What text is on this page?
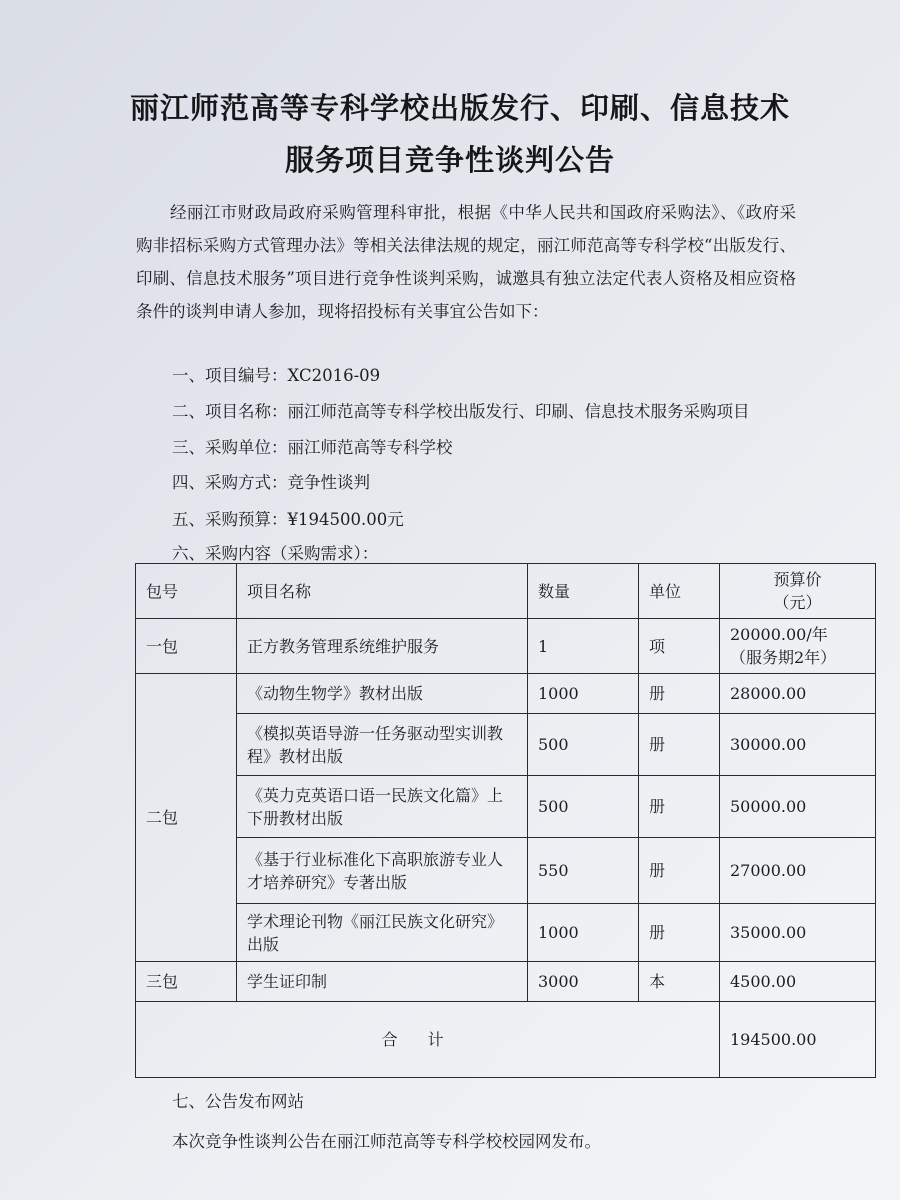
丽江师范高等专科学校出版发行、印刷、信息技术
服务项目竞争性谈判公告
经丽江市财政局政府采购管理科审批，根据《中华人民共和国政府采购法》、《政府采购非招标采购方式管理办法》等相关法律法规的规定，丽江师范高等专科学校“出版发行、印刷、信息技术服务”项目进行竞争性谈判采购，诚邀具有独立法定代表人资格及相应资格条件的谈判申请人参加，现将招投标有关事宜公告如下：
一、项目编号：XC2016-09
二、项目名称：丽江师范高等专科学校出版发行、印刷、信息技术服务采购项目
三、采购单位：丽江师范高等专科学校
四、采购方式：竞争性谈判
五、采购预算：¥194500.00元
六、采购内容（采购需求）：
包号	项目名称	数量	单位	预算价
（元）

一包	正方教务管理系统维护服务	1	项	20000.00/年
（服务期2年）

二包	《动物生物学》教材出版	1000	册	28000.00
	《模拟英语导游一任务驱动型实训教程》教材出版	500	册	30000.00
	《英力克英语口语一民族文化篇》上下册教材出版	500	册	50000.00
	《基于行业标准化下高职旅游专业人才培养研究》专著出版	550	册	27000.00
	学术理论刊物《丽江民族文化研究》出版	1000	册	35000.00
三包	学生证印制	3000	本	4500.00
合计				194500.00
七、公告发布网站
本次竞争性谈判公告在丽江师范高等专科学校校园网发布。
